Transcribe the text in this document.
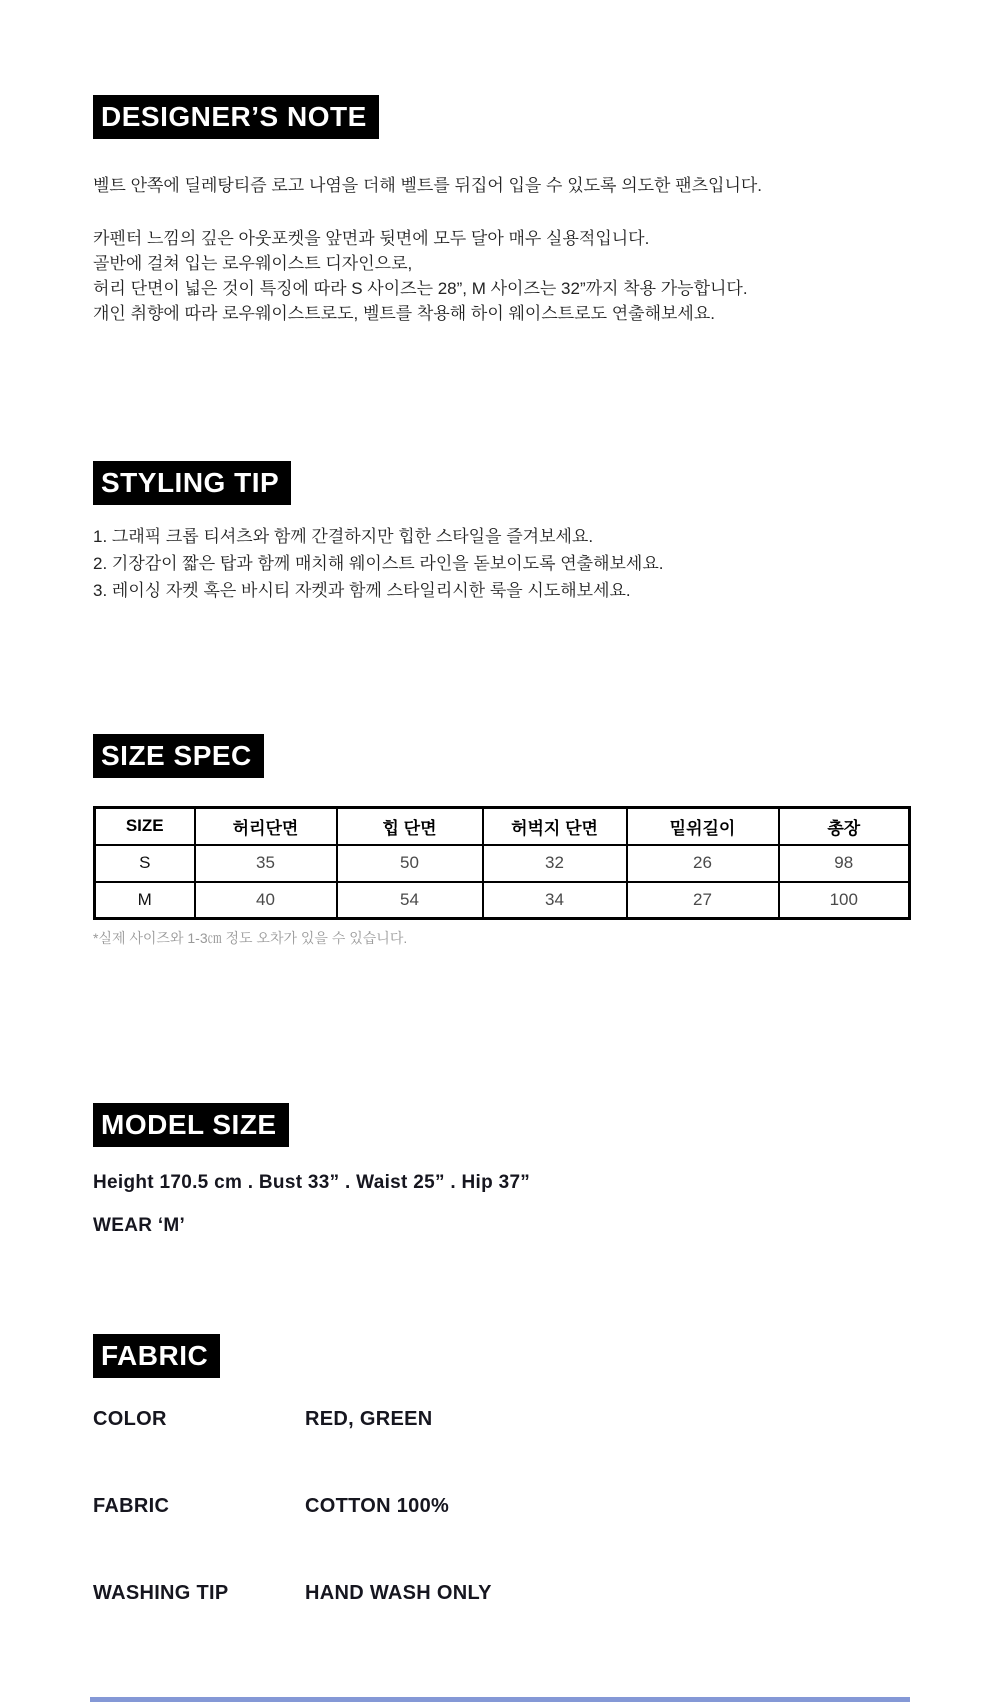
DESIGNER’S NOTE

벨트 안쪽에 딜레탕티즘 로고 나염을 더해 벨트를 뒤집어 입을 수 있도록 의도한 팬츠입니다.

카펜터 느낌의 깊은 아웃포켓을 앞면과 뒷면에 모두 달아 매우 실용적입니다.

골반에 걸쳐 입는 로우웨이스트 디자인으로,

허리 단면이 넓은 것이 특징에 따라 S 사이즈는 28”, M 사이즈는 32”까지 착용 가능합니다.

개인 취향에 따라 로우웨이스트로도, 벨트를 착용해 하이 웨이스트로도 연출해보세요.

STYLING TIP

1. 그래픽 크롭 티셔츠와 함께 간결하지만 힙한 스타일을 즐겨보세요.

2. 기장감이 짧은 탑과 함께 매치해 웨이스트 라인을 돋보이도록 연출해보세요.

3. 레이싱 자켓 혹은 바시티 자켓과 함께 스타일리시한 룩을 시도해보세요.

SIZE SPEC
SIZE	허리단면	힙 단면	허벅지 단면	밑위길이	총장
S	35	50	32	26	98
M	40	54	34	27	100

*실제 사이즈와 1-3㎝ 정도 오차가 있을 수 있습니다.

MODEL SIZE

Height 170.5 cm . Bust 33” . Waist 25” . Hip 37”

WEAR ‘M’

FABRIC
COLOR	RED, GREEN
FABRIC	COTTON 100%
WASHING TIP	HAND WASH ONLY
